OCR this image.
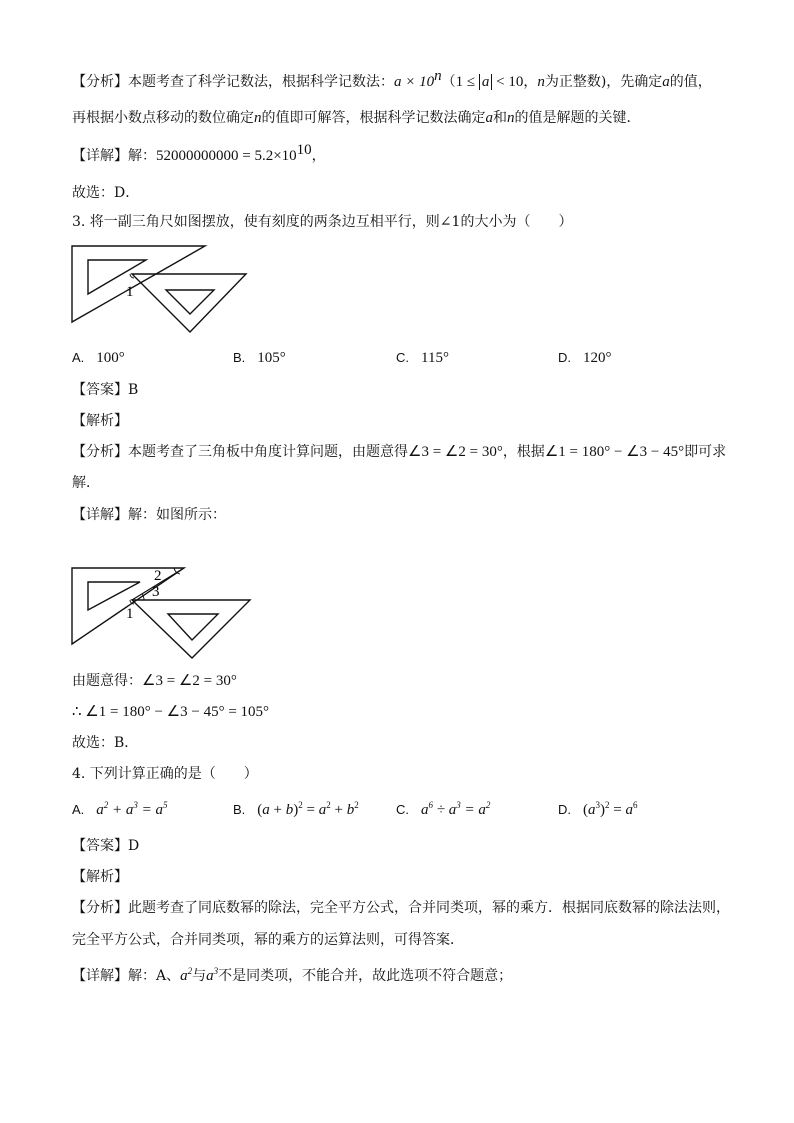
【分析】本题考查了科学记数法，根据科学记数法：$a \times 10^n(1 \le a < 10$，n为正整数)，先确定a的值，
再根据小数点移动的数位确定n的值即可解答，根据科学记数法确定a和n的值是解题的关键．
【详解】解：$52000000000 = 5.2\times 10^{10}$，
故选：D．
3. 将一副三角尺如图摆放，使有刻度的两条边互相平行，则∠1的大小为（　　）
1
A. 100°	B. 105°	C. 115°	D. 120°
【答案】B
【解析】
【分析】本题考查了三角板中角度计算问题，由题意得∠3 = ∠2 = 30°，根据∠1 = 180° − ∠3 − 45°即可求
解．
【详解】解：如图所示：
2
3
1
由题意得：∠3 = ∠2 = 30°
∴ ∠1 = 180° − ∠3 − 45° = 105°
故选：B．
4. 下列计算正确的是（　　）
A. $a^2 + a^3 = a^5$	B. $(a + b)^2 = a^2 + b^2$	C. $a^6 \div a^3 = a^2$	D. $(a^3)^2 = a^6$
【答案】D
【解析】
【分析】此题考查了同底数幂的除法，完全平方公式，合并同类项，幂的乘方．根据同底数幂的除法法则，
完全平方公式，合并同类项，幂的乘方的运算法则，可得答案．
【详解】解：A、$a^2$与$a^3$不是同类项，不能合并，故此选项不符合题意；
